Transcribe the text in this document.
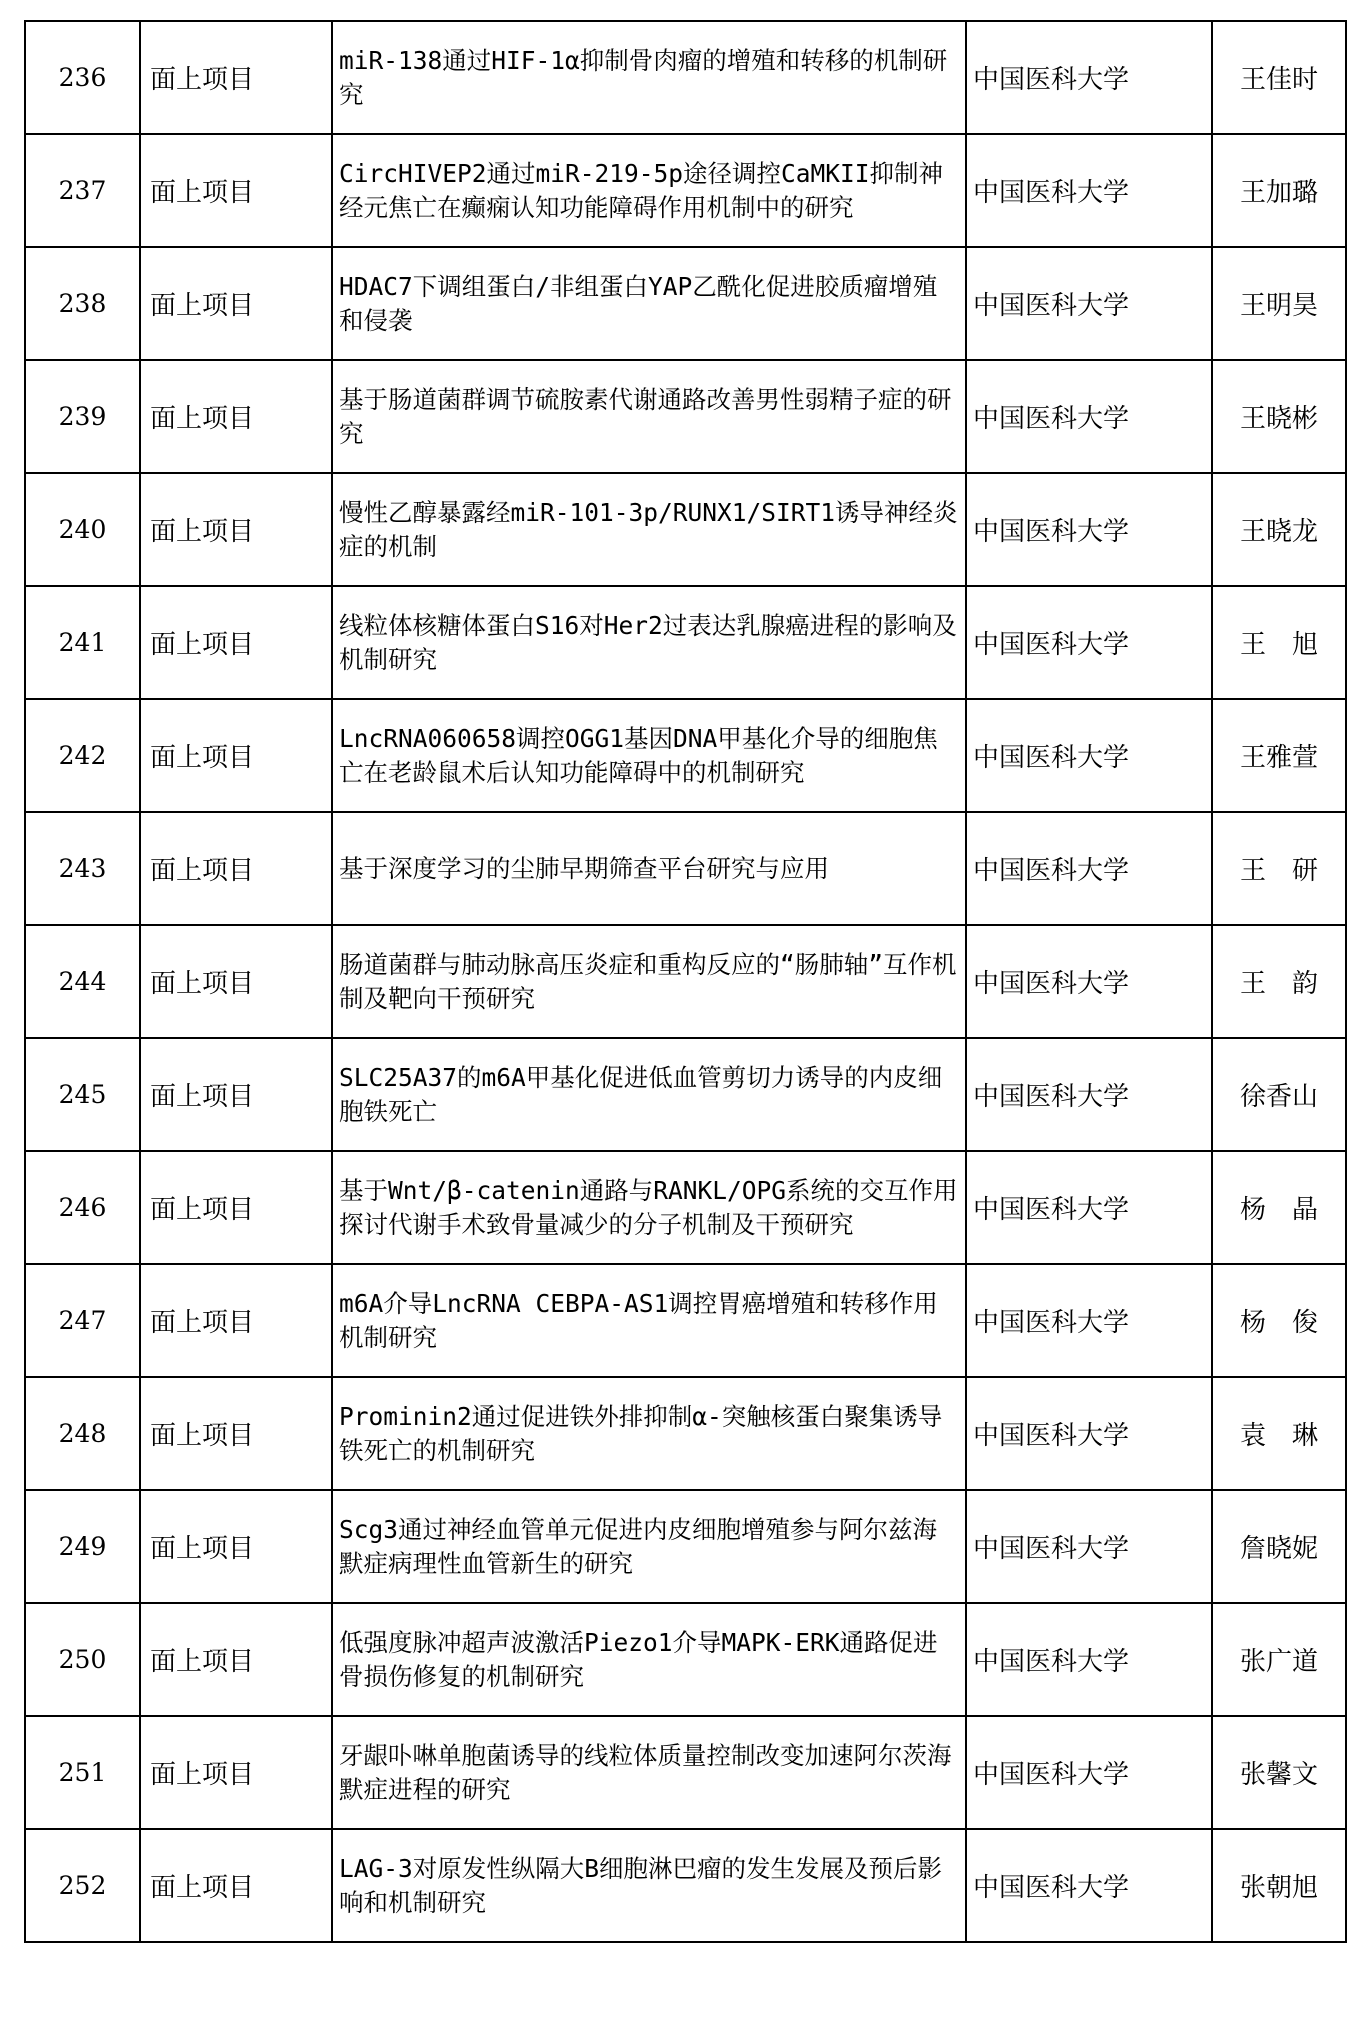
236	面上项目	miR-138通过HIF-1α抑制骨肉瘤的增殖和转移的机制研究	中国医科大学	王佳时
237	面上项目	CircHIVEP2通过miR-219-5p途径调控CaMKII抑制神经元焦亡在癫痫认知功能障碍作用机制中的研究	中国医科大学	王加璐
238	面上项目	HDAC7下调组蛋白/非组蛋白YAP乙酰化促进胶质瘤增殖和侵袭	中国医科大学	王明昊
239	面上项目	基于肠道菌群调节硫胺素代谢通路改善男性弱精子症的研究	中国医科大学	王晓彬
240	面上项目	慢性乙醇暴露经miR-101-3p/RUNX1/SIRT1诱导神经炎症的机制	中国医科大学	王晓龙
241	面上项目	线粒体核糖体蛋白S16对Her2过表达乳腺癌进程的影响及机制研究	中国医科大学	王　旭
242	面上项目	LncRNA060658调控OGG1基因DNA甲基化介导的细胞焦亡在老龄鼠术后认知功能障碍中的机制研究	中国医科大学	王雅萱
243	面上项目	基于深度学习的尘肺早期筛查平台研究与应用	中国医科大学	王　研
244	面上项目	肠道菌群与肺动脉高压炎症和重构反应的“肠肺轴”互作机制及靶向干预研究	中国医科大学	王　韵
245	面上项目	SLC25A37的m6A甲基化促进低血管剪切力诱导的内皮细胞铁死亡	中国医科大学	徐香山
246	面上项目	基于Wnt/β-catenin通路与RANKL/OPG系统的交互作用探讨代谢手术致骨量减少的分子机制及干预研究	中国医科大学	杨　晶
247	面上项目	m6A介导LncRNA CEBPA-AS1调控胃癌增殖和转移作用机制研究	中国医科大学	杨　俊
248	面上项目	Prominin2通过促进铁外排抑制α-突触核蛋白聚集诱导铁死亡的机制研究	中国医科大学	袁　琳
249	面上项目	Scg3通过神经血管单元促进内皮细胞增殖参与阿尔兹海默症病理性血管新生的研究	中国医科大学	詹晓妮
250	面上项目	低强度脉冲超声波激活Piezo1介导MAPK-ERK通路促进骨损伤修复的机制研究	中国医科大学	张广道
251	面上项目	牙龈卟啉单胞菌诱导的线粒体质量控制改变加速阿尔茨海默症进程的研究	中国医科大学	张馨文
252	面上项目	LAG-3对原发性纵隔大B细胞淋巴瘤的发生发展及预后影响和机制研究	中国医科大学	张朝旭
